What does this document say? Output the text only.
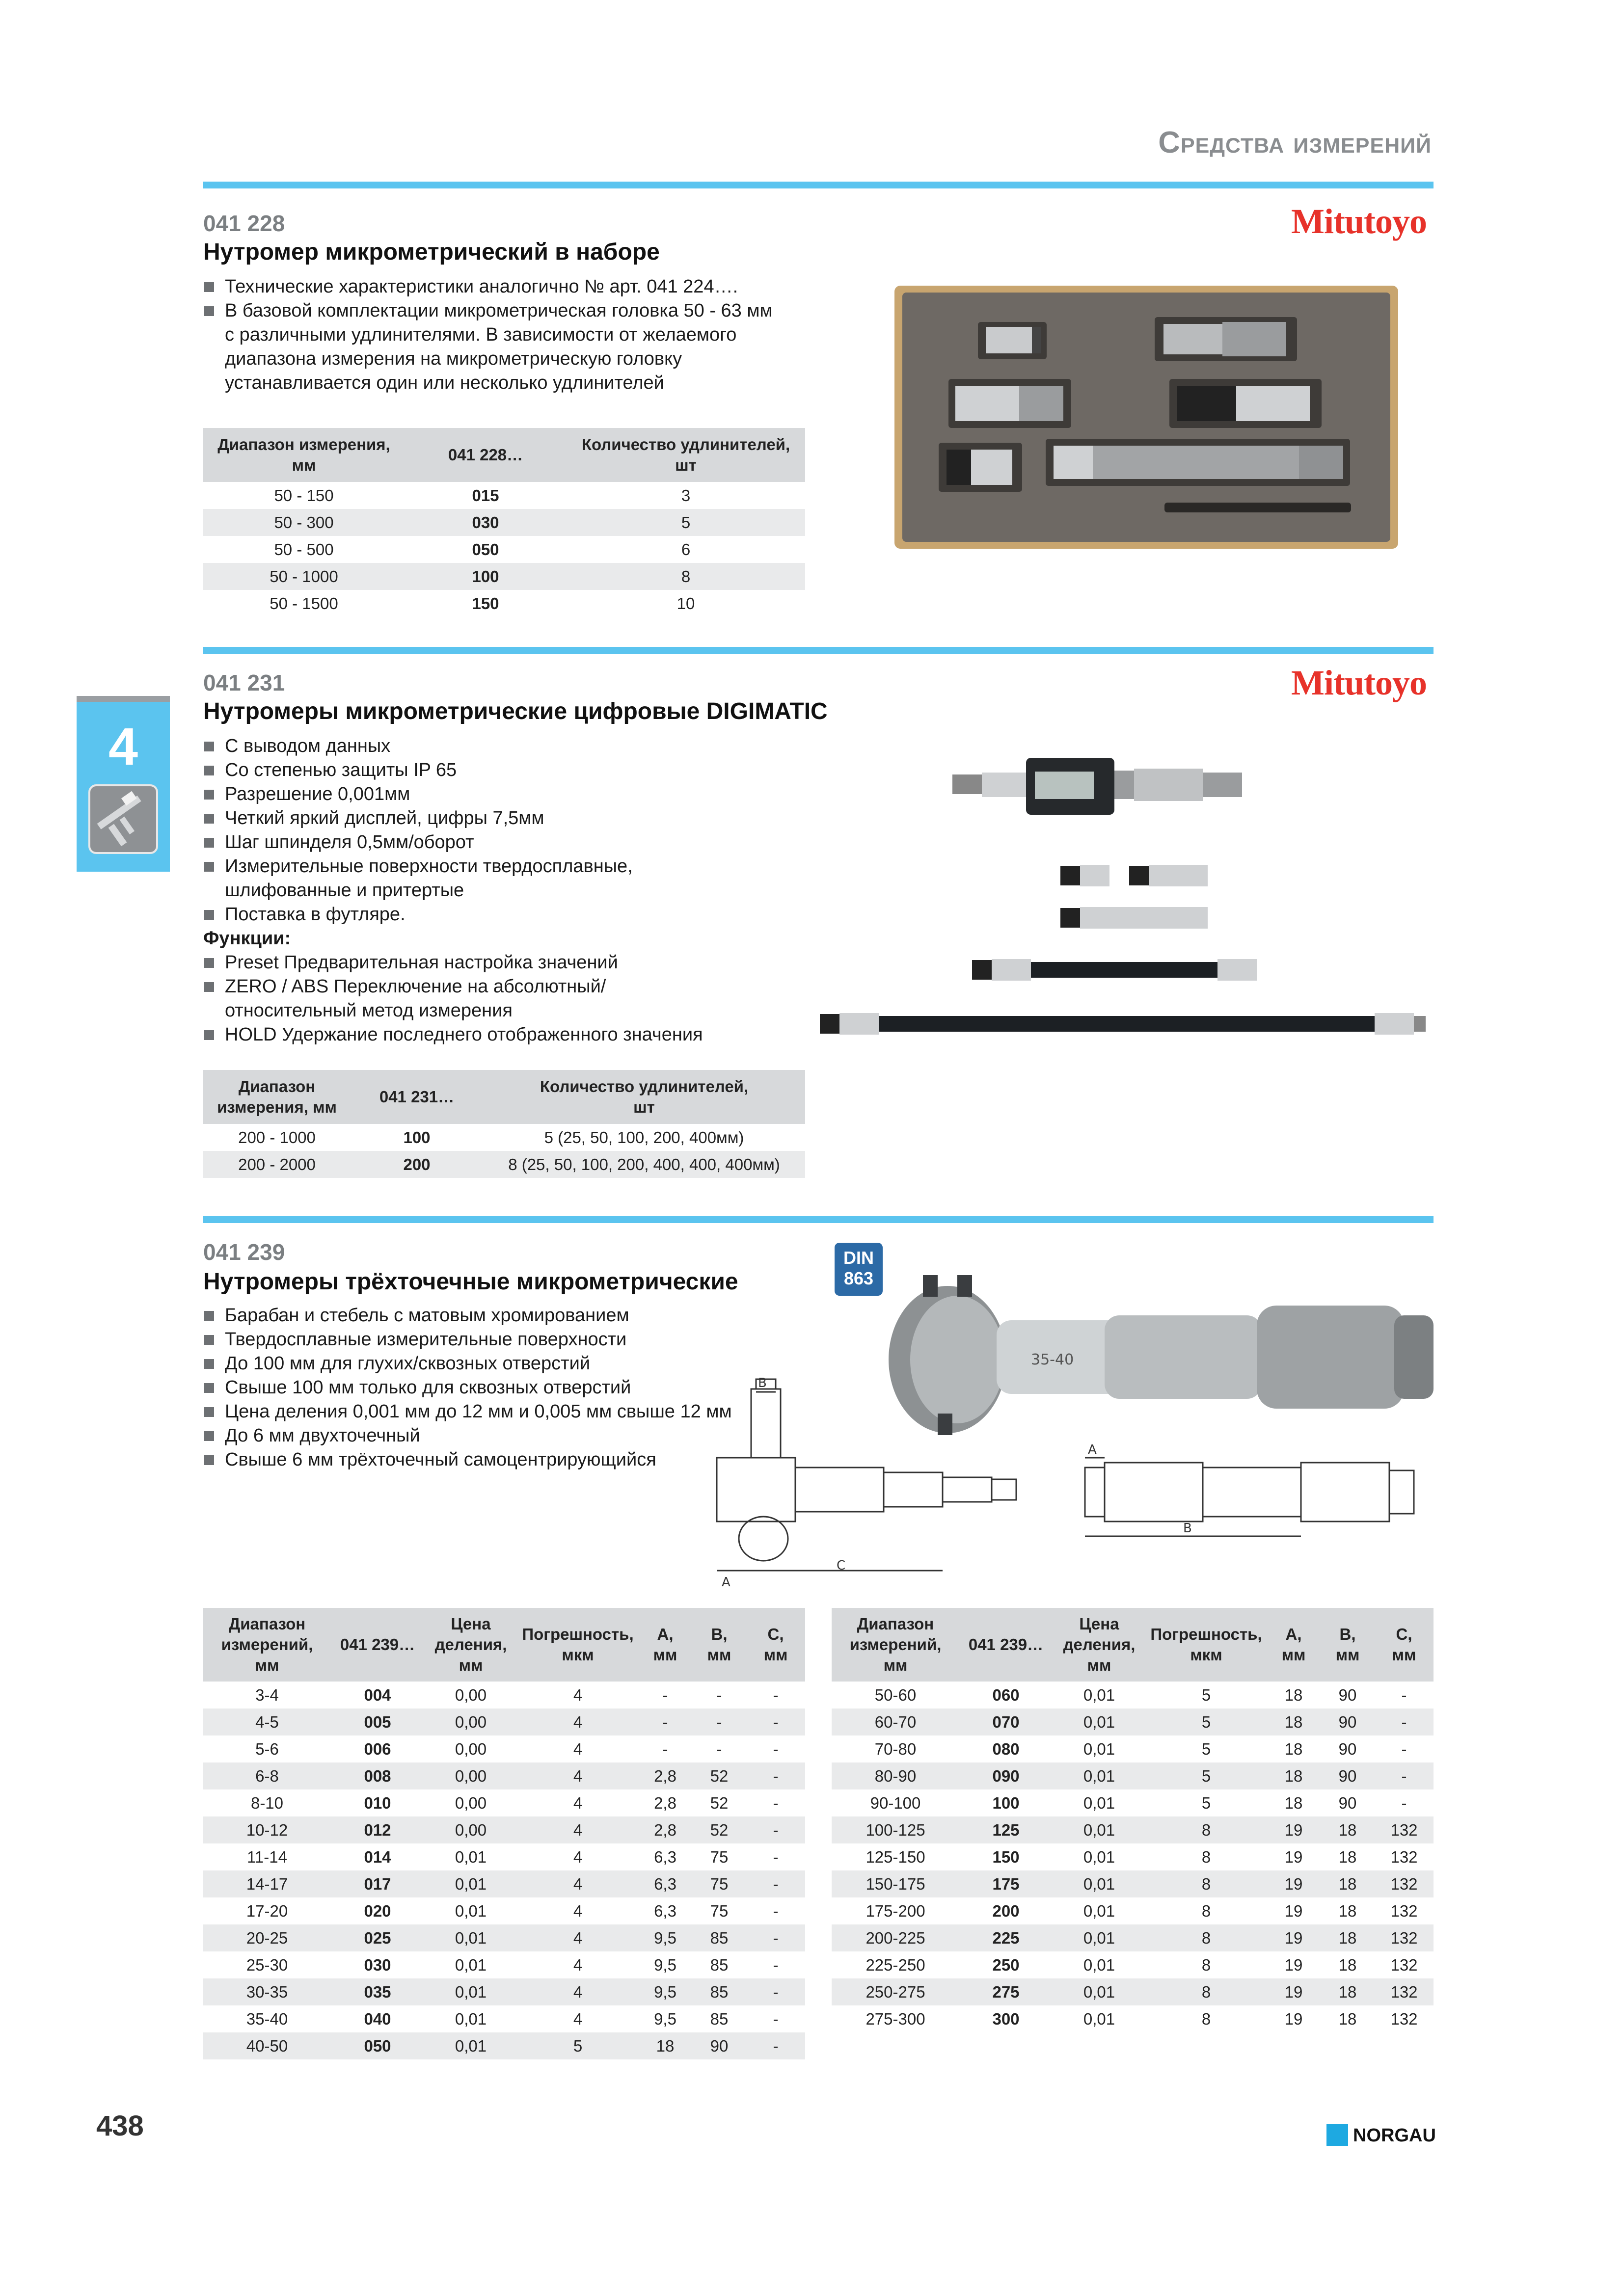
Средства измерений
4
041 228
Нутромер микрометрический в наборе
Mitutoyo
Технические характеристики аналогично № арт. 041 224….
В базовой комплектации микрометрическая головка 50 - 63 мм
с различными удлинителями. В зависимости от желаемого
диапазона измерения на микрометрическую головку
устанавливается один или несколько удлинителей
Диапазон измерения,
мм	041 228…	Количество удлинителей,
шт
50 - 150	015	3
50 - 300	030	5
50 - 500	050	6
50 - 1000	100	8
50 - 1500	150	10
041 231
Нутромеры микрометрические цифровые DIGIMATIC
Mitutoyo
С выводом данных
Со степенью защиты IP 65
Разрешение 0,001мм
Четкий яркий дисплей, цифры 7,5мм
Шаг шпинделя 0,5мм/оборот
Измерительные поверхности твердосплавные,
шлифованные и притертые
Поставка в футляре.
Функции:
Preset Предварительная настройка значений
ZERO / ABS Переключение на абсолютный/
относительный метод измерения
HOLD Удержание последнего отображенного значения
Диапазон
измерения, мм	041 231…	Количество удлинителей,
шт
200 - 1000	100	5 (25, 50, 100, 200, 400мм)
200 - 2000	200	8 (25, 50, 100, 200, 400, 400, 400мм)
041 239
Нутромеры трёхточечные микрометрические
DIN
863
Барабан и стебель с матовым хромированием
Твердосплавные измерительные поверхности
До 100 мм для глухих/сквозных отверстий
Свыше 100 мм только для сквозных отверстий
Цена деления 0,001 мм до 12 мм и 0,005 мм свыше 12 мм
До 6 мм двухточечный
Свыше 6 мм трёхточечный самоцентрирующийся
35-40
A
C
B
A
B
Диапазон
измерений,
мм	041 239…	Цена
деления,
мм	Погрешность,
мкм	A,
мм	B,
мм	C,
мм
3-4	004	0,00	4	-	-	-
4-5	005	0,00	4	-	-	-
5-6	006	0,00	4	-	-	-
6-8	008	0,00	4	2,8	52	-
8-10	010	0,00	4	2,8	52	-
10-12	012	0,00	4	2,8	52	-
11-14	014	0,01	4	6,3	75	-
14-17	017	0,01	4	6,3	75	-
17-20	020	0,01	4	6,3	75	-
20-25	025	0,01	4	9,5	85	-
25-30	030	0,01	4	9,5	85	-
30-35	035	0,01	4	9,5	85	-
35-40	040	0,01	4	9,5	85	-
40-50	050	0,01	5	18	90	-
Диапазон
измерений,
мм	041 239…	Цена
деления,
мм	Погрешность,
мкм	A,
мм	B,
мм	C,
мм
50-60	060	0,01	5	18	90	-
60-70	070	0,01	5	18	90	-
70-80	080	0,01	5	18	90	-
80-90	090	0,01	5	18	90	-
90-100	100	0,01	5	18	90	-
100-125	125	0,01	8	19	18	132
125-150	150	0,01	8	19	18	132
150-175	175	0,01	8	19	18	132
175-200	200	0,01	8	19	18	132
200-225	225	0,01	8	19	18	132
225-250	250	0,01	8	19	18	132
250-275	275	0,01	8	19	18	132
275-300	300	0,01	8	19	18	132
438	NORGAU
